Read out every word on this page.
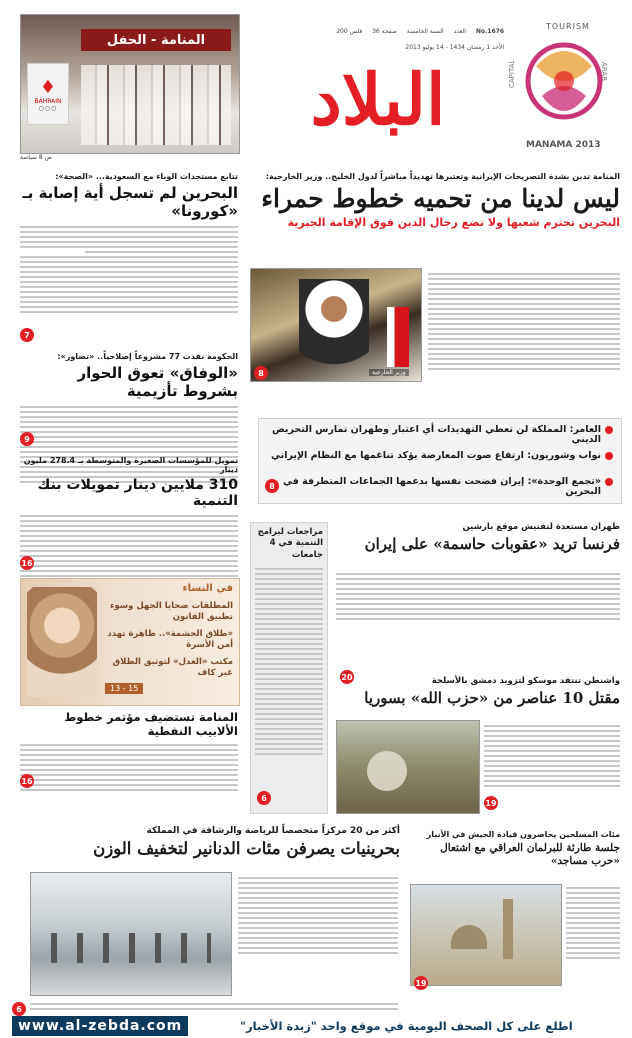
المنامة - الحفل
♦
BAHRAIN
○○○
ص 8 سياسة
200 فلس 36 صفحة السنة الخامسة العدد No.1676
الأحد 1 رمضان 1434 - 14 يوليو 2013
البلاد
TOURISM
CAPITAL	ARAB
MANAMA 2013
تتابع مستجدات الوباء مع السعودية... «الصحة»:
البحرين لم تسجل أية إصابة بـ «كورونا»
7
الحكومة نفذت 77 مشروعاً إصلاحياً.. «تضاور»:
«الوفاق» تعوق الحوار بشروط تأزيمية
9
تمويل للمؤسسات الصغيرة والمتوسطة بـ 278.4 مليون دينار
310 ملايين دينار تمويلات بنك التنمية
16
في النساء
المطلقات ضحايا الجهل وسوء تطبيق القانون
«طلاق الحشمة».. ظاهرة تهدد أمن الأسرة
مكتب «العدل» لتوثيق الطلاق غير كاف
13 - 15
المنامة تستضيف مؤتمر خطوط الألابيب النفطية
16
المنامة تدين بشدة التصريحات الإيرانية وتعتبرها تهديداً مباشراً لدول الخليج.. وزير الخارجية:
ليس لدينا من تحميه خطوط حمراء
البحرين تحترم شعبها ولا تضع رجال الدين فوق الإقامة الجبرية
وزير الخارجية
8
العامر: المملكة لن تعطي التهديدات أي اعتبار وطهران تمارس التحريض الديني
نواب وشوريون: ارتفاع صوت المعارضة يؤكد تناغمها مع النظام الإيراني
«تجمع الوحدة»: إيران فضحت نفسها بدعمها الجماعات المتطرفة في البحرين
8
مراجعات لبرامج التنمية في 4 جامعات
6
طهران مستعدة لتفتيش موقع بارشين
فرنسا تريد «عقوبات حاسمة» على إيران
20	واشنطن تنتقد موسكو لتزويد دمشق بالأسلحة
مقتل 10 عناصر من «حزب الله» بسوريا
19
أكثر من 20 مركزاً متخصصاً للرياضة والرشاقة في المملكة
بحرينيات يصرفن مئات الدنانير لتخفيف الوزن
6
مئات المسلحين يحاصرون قيادة الجيش في الأنبار
جلسة طارئة للبرلمان العراقي مع اشتعال «حرب مساجد»
19
www.al-zebda.com	اطلع على كل الصحف اليومية في موقع واحد "زبدة الأخبار"
